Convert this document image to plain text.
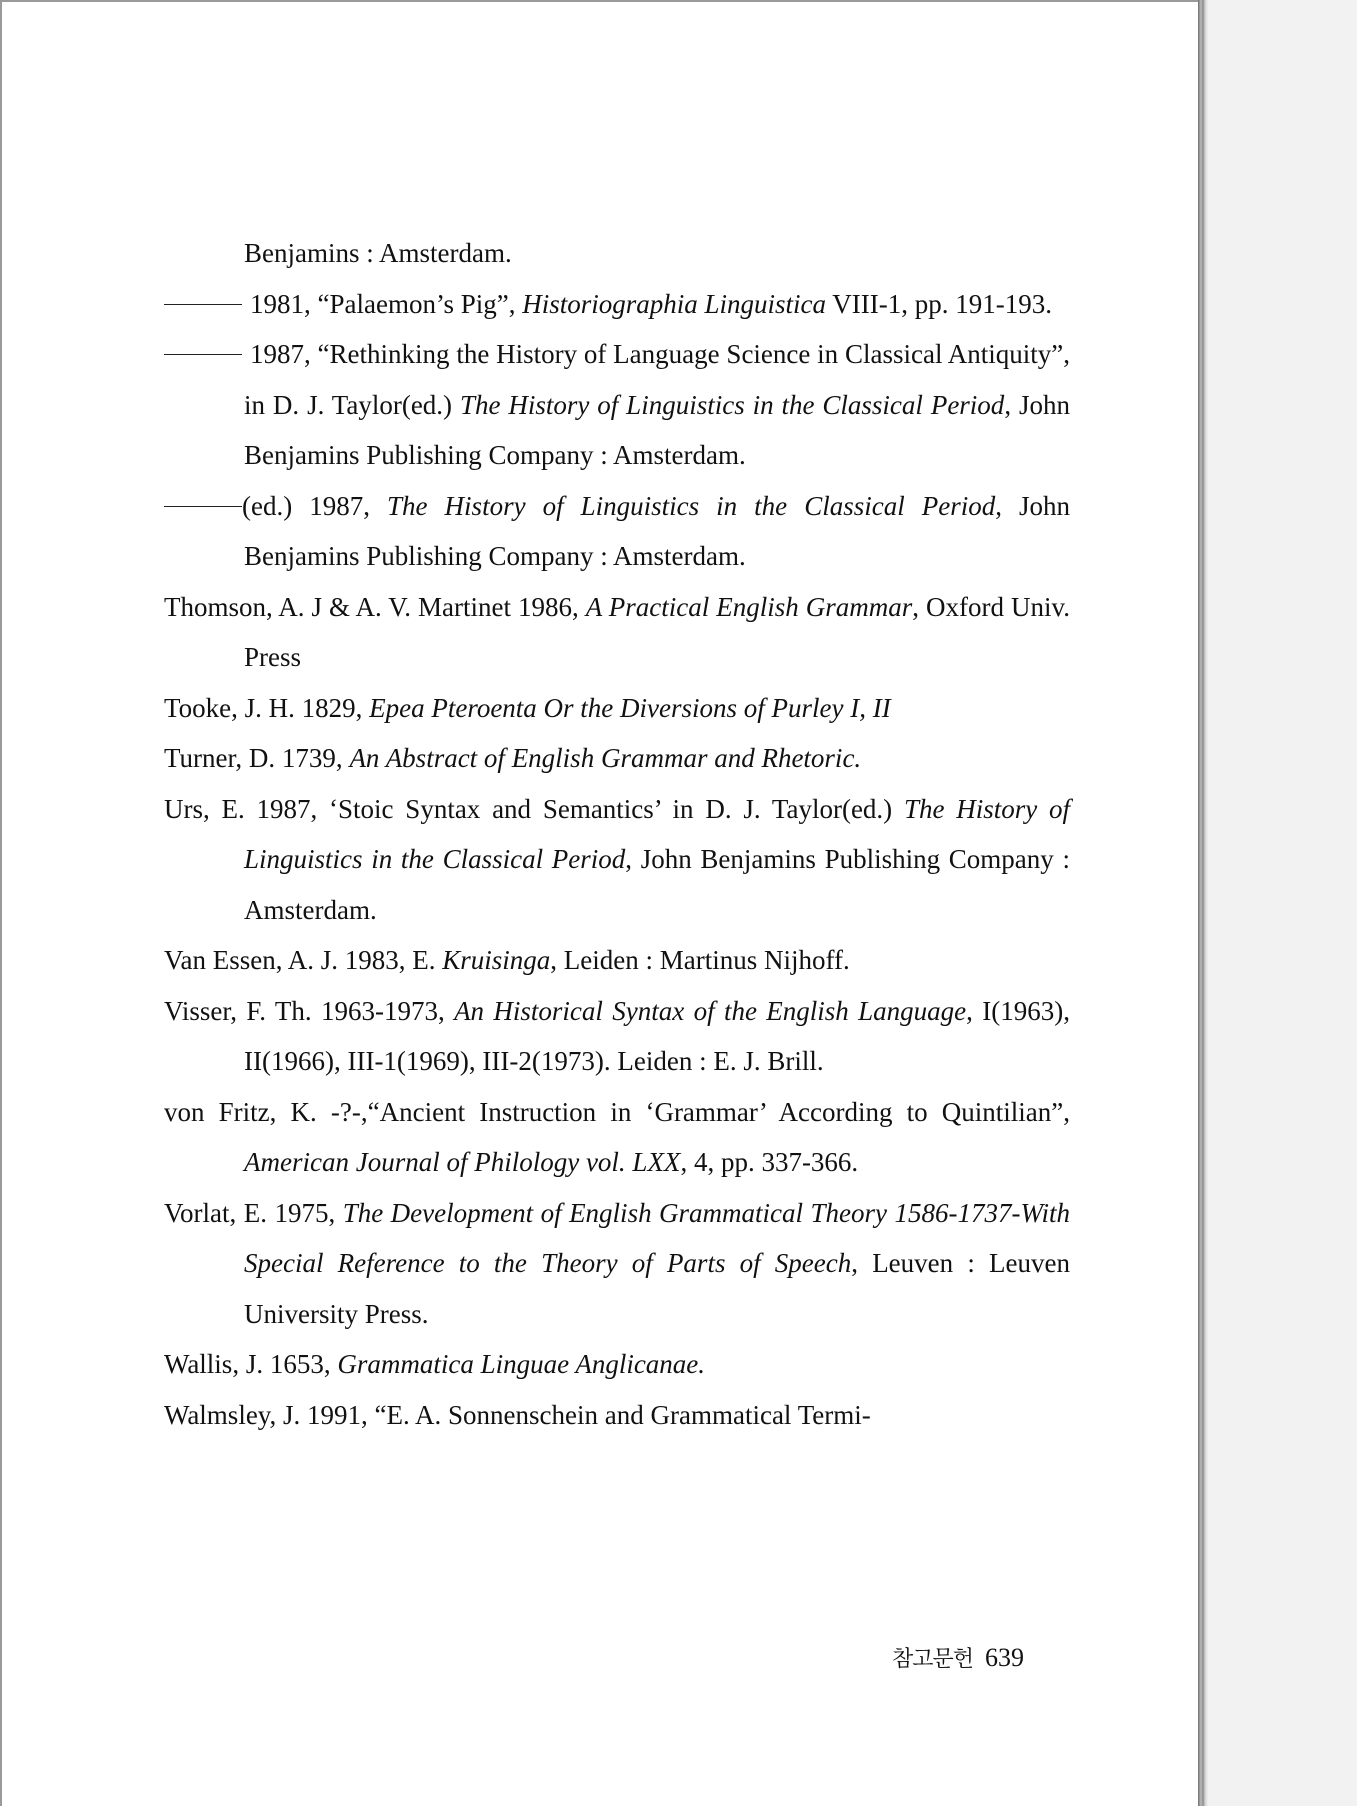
Benjamins : Amsterdam.

1981, “Palaemon’s Pig”, Historiographia Linguistica VIII-1, pp. 191-193.

1987, “Rethinking the History of Language Science in Classical Antiquity”, in D. J. Taylor(ed.) The History of Linguistics in the Classical Period, John Benjamins Publishing Company : Amsterdam.

(ed.) 1987, The History of Linguistics in the Classical Period, John Benjamins Publishing Company : Amsterdam.

Thomson, A. J & A. V. Martinet 1986, A Practical English Grammar, Oxford Univ. Press

Tooke, J. H. 1829, Epea Pteroenta Or the Diversions of Purley I, II

Turner, D. 1739, An Abstract of English Grammar and Rhetoric.

Urs, E. 1987, ‘Stoic Syntax and Semantics’ in D. J. Taylor(ed.) The History of Linguistics in the Classical Period, John Benjamins Publishing Company : Amsterdam.

Van Essen, A. J. 1983, E. Kruisinga, Leiden : Martinus Nijhoff.

Visser, F. Th. 1963-1973, An Historical Syntax of the English Language, I(1963), II(1966), III-1(1969), III-2(1973). Leiden : E. J. Brill.

von Fritz, K. -?-,“Ancient Instruction in ‘Grammar’ According to Quintilian”, American Journal of Philology vol. LXX, 4, pp. 337-366.

Vorlat, E. 1975, The Development of English Grammatical Theory 1586-1737-With Special Reference to the Theory of Parts of Speech, Leuven : Leuven University Press.

Wallis, J. 1653, Grammatica Linguae Anglicanae.

Walmsley, J. 1991, “E. A. Sonnenschein and Grammatical Termi-

참고문헌 639
